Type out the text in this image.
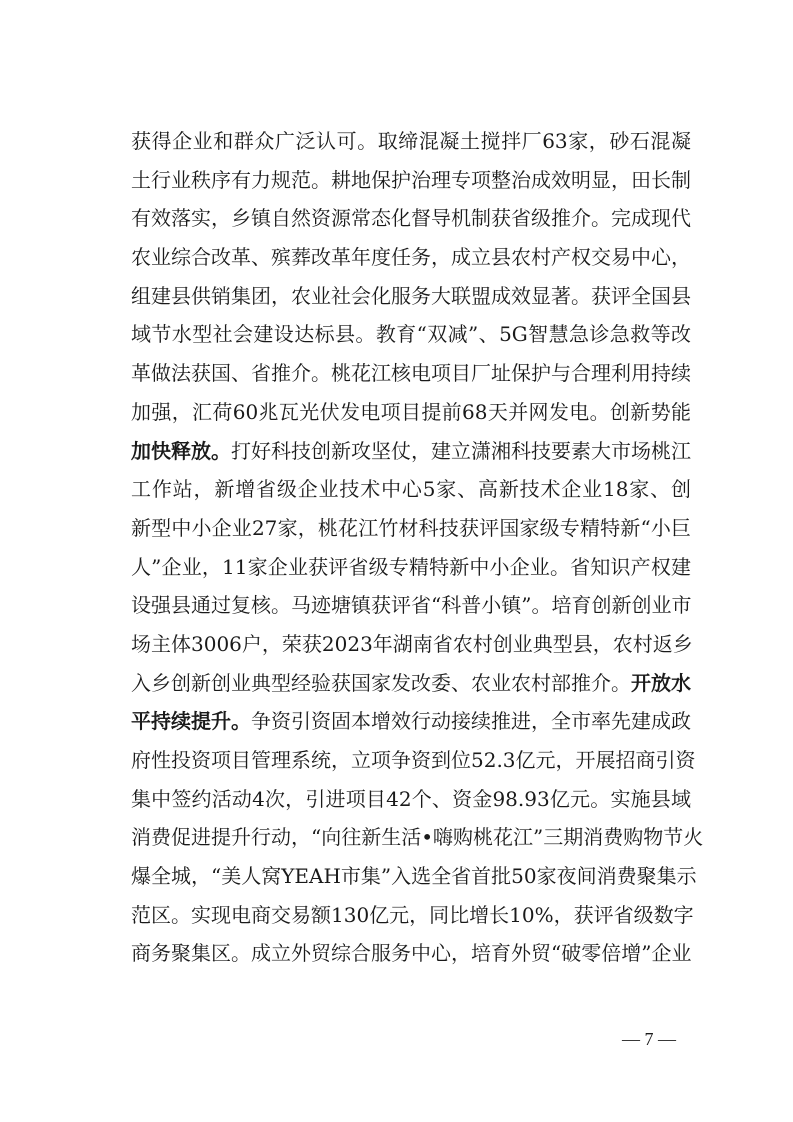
获得企业和群众广泛认可。取缔混凝土搅拌厂63家，砂石混凝
土行业秩序有力规范。耕地保护治理专项整治成效明显，田长制
有效落实，乡镇自然资源常态化督导机制获省级推介。完成现代
农业综合改革、殡葬改革年度任务，成立县农村产权交易中心，
组建县供销集团，农业社会化服务大联盟成效显著。获评全国县
域节水型社会建设达标县。教育“双减”、5G智慧急诊急救等改
革做法获国、省推介。桃花江核电项目厂址保护与合理利用持续
加强，汇荷60兆瓦光伏发电项目提前68天并网发电。创新势能
加快释放。打好科技创新攻坚仗，建立潇湘科技要素大市场桃江
工作站，新增省级企业技术中心5家、高新技术企业18家、创
新型中小企业27家，桃花江竹材科技获评国家级专精特新“小巨
人”企业，11家企业获评省级专精特新中小企业。省知识产权建
设强县通过复核。马迹塘镇获评省“科普小镇”。培育创新创业市
场主体3006户，荣获2023年湖南省农村创业典型县，农村返乡
入乡创新创业典型经验获国家发改委、农业农村部推介。开放水
平持续提升。争资引资固本增效行动接续推进，全市率先建成政
府性投资项目管理系统，立项争资到位52.3亿元，开展招商引资
集中签约活动4次，引进项目42个、资金98.93亿元。实施县域
消费促进提升行动，“向往新生活•嗨购桃花江”三期消费购物节火
爆全城，“美人窝YEAH市集”入选全省首批50家夜间消费聚集示
范区。实现电商交易额130亿元，同比增长10%，获评省级数字
商务聚集区。成立外贸综合服务中心，培育外贸“破零倍增”企业
— 7 —
